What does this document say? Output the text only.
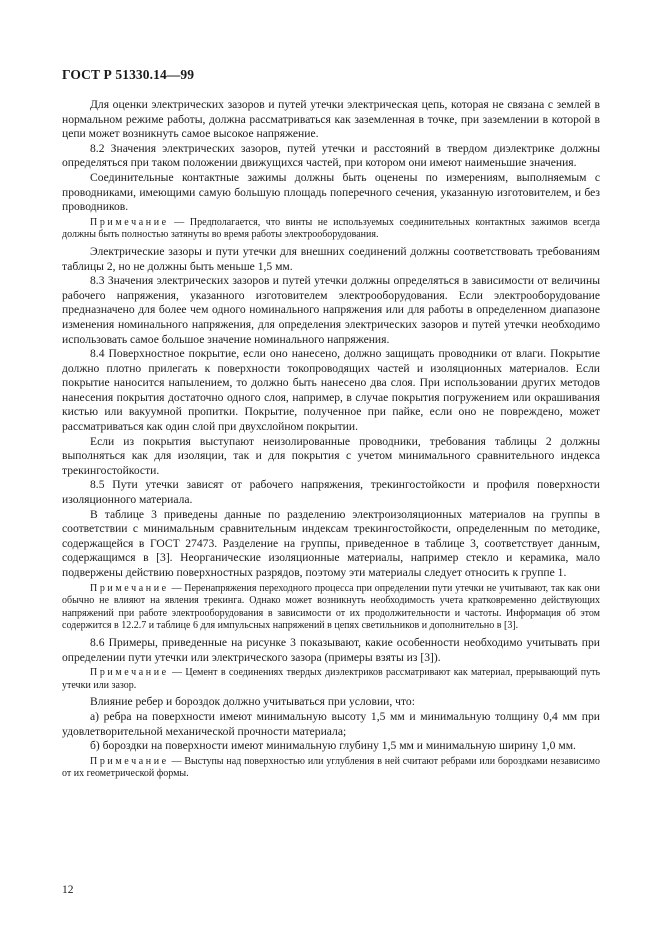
ГОСТ Р 51330.14—99

Для оценки электрических зазоров и путей утечки электрическая цепь, которая не связана с землей в нормальном режиме работы, должна рассматриваться как заземленная в точке, при заземлении в которой в цепи может возникнуть самое высокое напряжение.

8.2 Значения электрических зазоров, путей утечки и расстояний в твердом диэлектрике должны определяться при таком положении движущихся частей, при котором они имеют наименьшие значения.

Соединительные контактные зажимы должны быть оценены по измерениям, выполняемым с проводниками, имеющими самую большую площадь поперечного сечения, указанную изготовителем, и без проводников.

Примечание — Предполагается, что винты не используемых соединительных контактных зажимов всегда должны быть полностью затянуты во время работы электрооборудования.

Электрические зазоры и пути утечки для внешних соединений должны соответствовать требованиям таблицы 2, но не должны быть меньше 1,5 мм.

8.3 Значения электрических зазоров и путей утечки должны определяться в зависимости от величины рабочего напряжения, указанного изготовителем электрооборудования. Если электрооборудование предназначено для более чем одного номинального напряжения или для работы в определенном диапазоне изменения номинального напряжения, для определения электрических зазоров и путей утечки необходимо использовать самое большое значение номинального напряжения.

8.4 Поверхностное покрытие, если оно нанесено, должно защищать проводники от влаги. Покрытие должно плотно прилегать к поверхности токопроводящих частей и изоляционных материалов. Если покрытие наносится напылением, то должно быть нанесено два слоя. При использовании других методов нанесения покрытия достаточно одного слоя, например, в случае покрытия погружением или окрашивания кистью или вакуумной пропитки. Покрытие, полученное при пайке, если оно не повреждено, может рассматриваться как один слой при двухслойном покрытии.

Если из покрытия выступают неизолированные проводники, требования таблицы 2 должны выполняться как для изоляции, так и для покрытия с учетом минимального сравнительного индекса трекингостойкости.

8.5 Пути утечки зависят от рабочего напряжения, трекингостойкости и профиля поверхности изоляционного материала.

В таблице 3 приведены данные по разделению электроизоляционных материалов на группы в соответствии с минимальным сравнительным индексам трекингостойкости, определенным по методике, содержащейся в ГОСТ 27473. Разделение на группы, приведенное в таблице 3, соответствует данным, содержащимся в [3]. Неорганические изоляционные материалы, например стекло и керамика, мало подвержены действию поверхностных разрядов, поэтому эти материалы следует относить к группе 1.

Примечание — Перенапряжения переходного процесса при определении пути утечки не учитывают, так как они обычно не влияют на явления трекинга. Однако может возникнуть необходимость учета кратковременно действующих напряжений при работе электрооборудования в зависимости от их продолжительности и частоты. Информация об этом содержится в 12.2.7 и таблице 6 для импульсных напряжений в цепях светильников и дополнительно в [3].

8.6 Примеры, приведенные на рисунке 3 показывают, какие особенности необходимо учитывать при определении пути утечки или электрического зазора (примеры взяты из [3]).

Примечание — Цемент в соединениях твердых диэлектриков рассматривают как материал, прерывающий путь утечки или зазор.

Влияние ребер и бороздок должно учитываться при условии, что:

а) ребра на поверхности имеют минимальную высоту 1,5 мм и минимальную толщину 0,4 мм при удовлетворительной механической прочности материала;

б) бороздки на поверхности имеют минимальную глубину 1,5 мм и минимальную ширину 1,0 мм.

Примечание — Выступы над поверхностью или углубления в ней считают ребрами или бороздками независимо от их геометрической формы.

12
